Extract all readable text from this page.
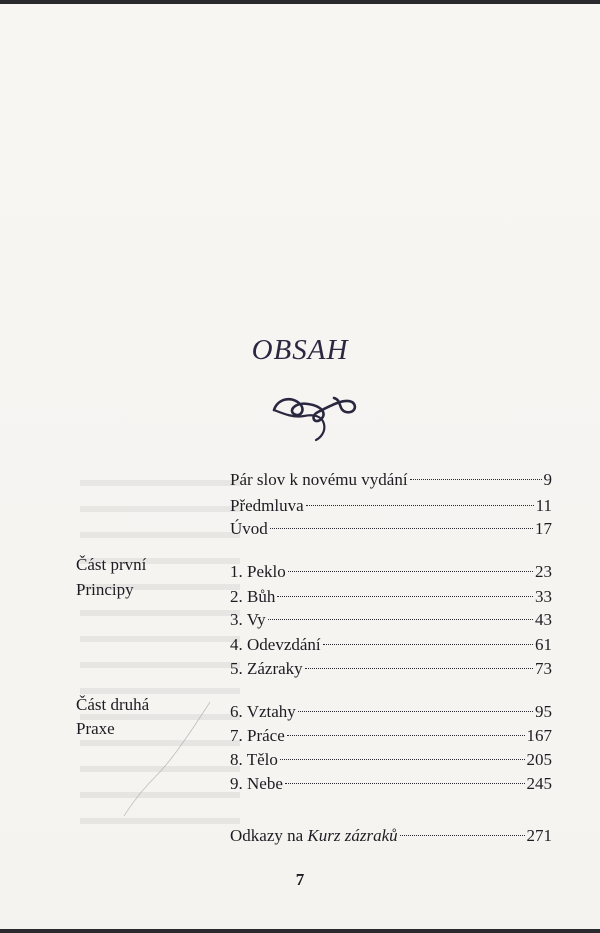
OBSAH
Pár slov k novému vydání	9
Předmluva	11
Úvod	17
Část první
Principy
1. Peklo	23
2. Bůh	33
3. Vy	43
4. Odevzdání	61
5. Zázraky	73
Část druhá
Praxe
6. Vztahy	95
7. Práce	167
8. Tělo	205
9. Nebe	245
Odkazy na Kurz zázraků	271
7
